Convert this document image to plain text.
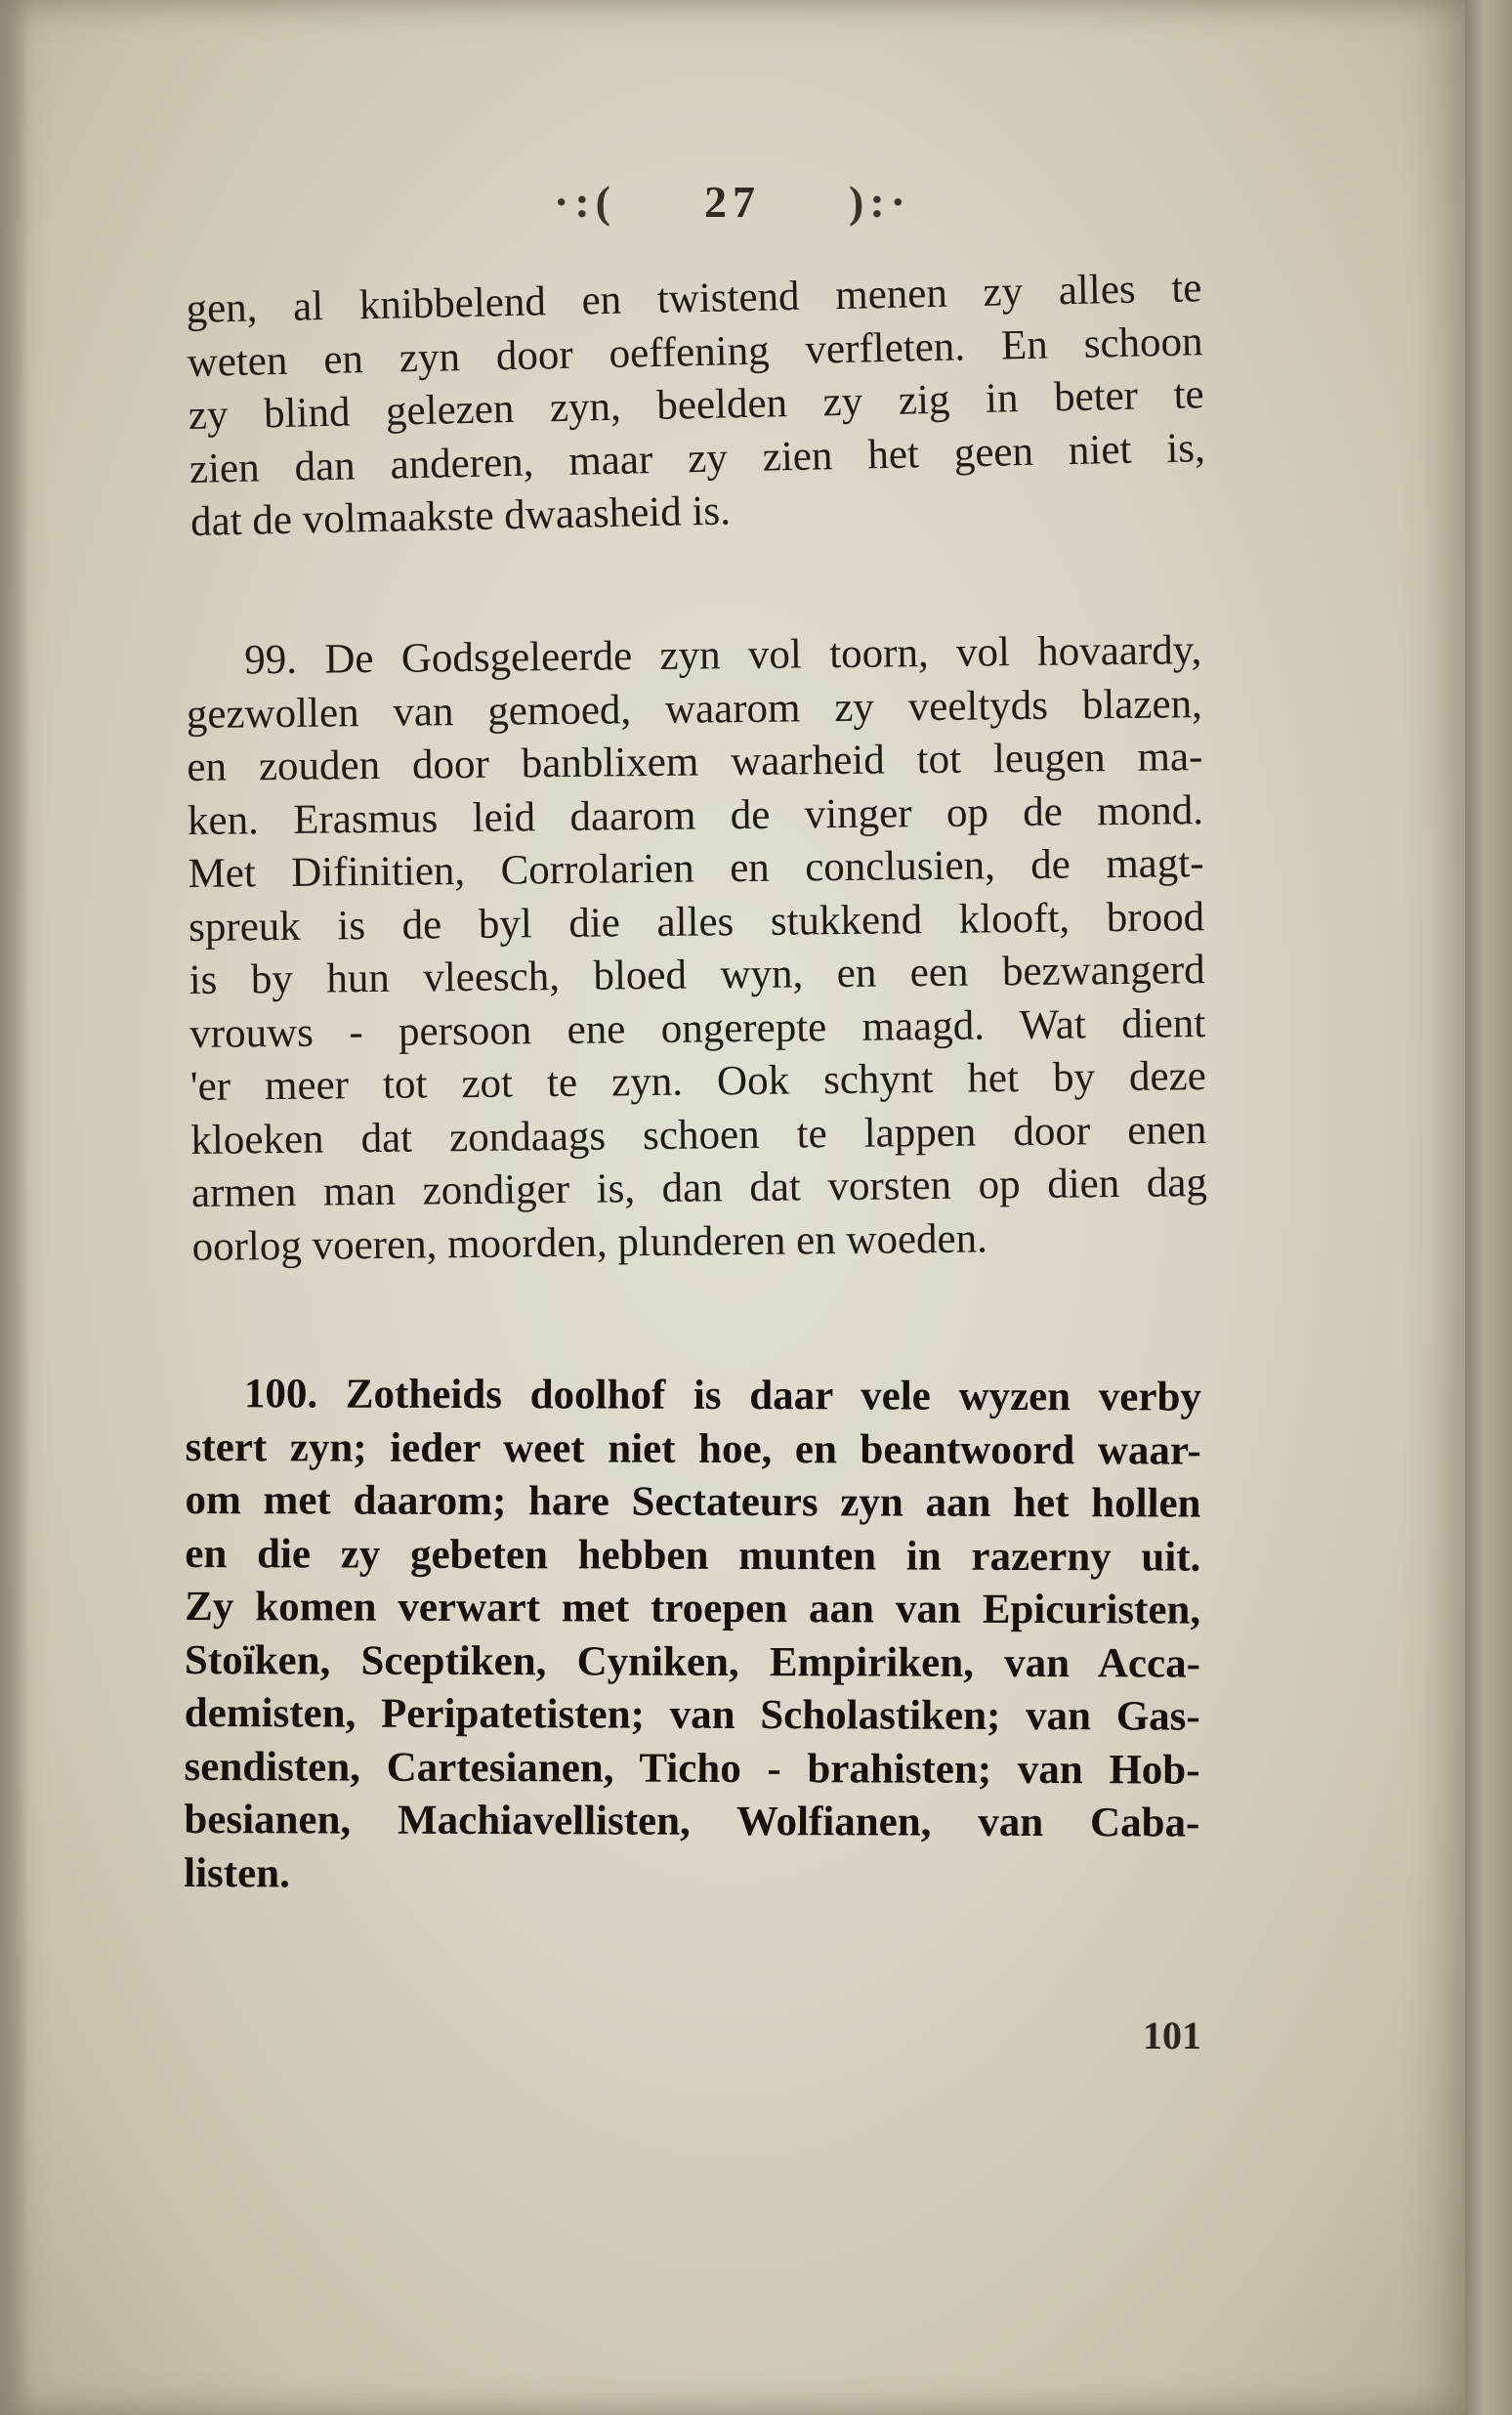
·:( 27 ):·
gen, al knibbelend en twistend menen zy alles te
weten en zyn door oeffening verfleten. En schoon
zy blind gelezen zyn, beelden zy zig in beter te
zien dan anderen, maar zy zien het geen niet is,
dat de volmaakste dwaasheid is.
99. De Godsgeleerde zyn vol toorn, vol hovaardy,
gezwollen van gemoed, waarom zy veeltyds blazen,
en zouden door banblixem waarheid tot leugen ma-
ken. Erasmus leid daarom de vinger op de mond.
Met Difinitien, Corrolarien en conclusien, de magt-
spreuk is de byl die alles stukkend klooft, brood
is by hun vleesch, bloed wyn, en een bezwangerd
vrouws - persoon ene ongerepte maagd. Wat dient
'er meer tot zot te zyn. Ook schynt het by deze
kloeken dat zondaags schoen te lappen door enen
armen man zondiger is, dan dat vorsten op dien dag
oorlog voeren, moorden, plunderen en woeden.
100. Zotheids doolhof is daar vele wyzen verby
stert zyn; ieder weet niet hoe, en beantwoord waar-
om met daarom; hare Sectateurs zyn aan het hollen
en die zy gebeten hebben munten in razerny uit.
Zy komen verwart met troepen aan van Epicuristen,
Stoïken, Sceptiken, Cyniken, Empiriken, van Acca-
demisten, Peripatetisten; van Scholastiken; van Gas-
sendisten, Cartesianen, Ticho - brahisten; van Hob-
besianen, Machiavellisten, Wolfianen, van Caba-
listen.
101
